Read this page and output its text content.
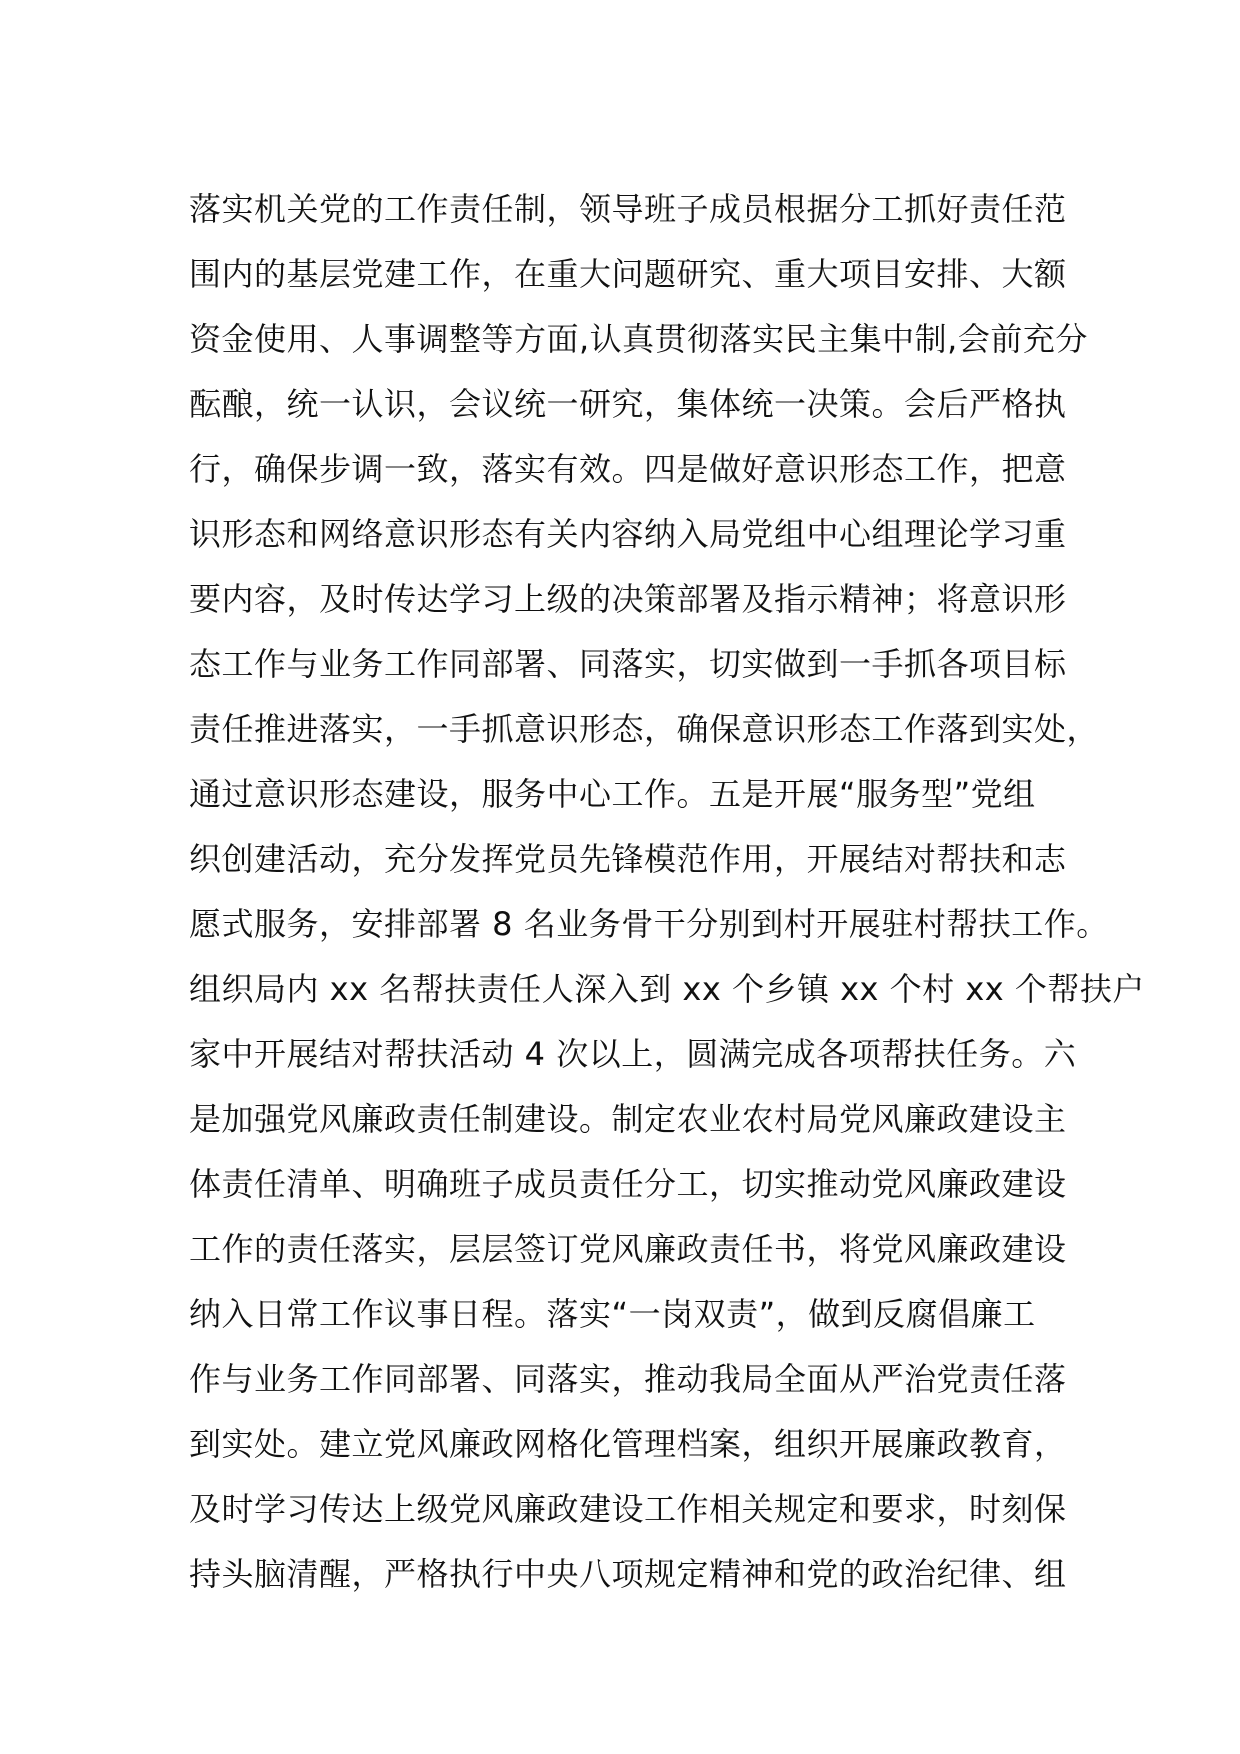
落实机关党的工作责任制，领导班子成员根据分工抓好责任范
围内的基层党建工作，在重大问题研究、重大项目安排、大额
资金使用、人事调整等方面,认真贯彻落实民主集中制,会前充分
酝酿，统一认识，会议统一研究，集体统一决策。会后严格执
行，确保步调一致，落实有效。四是做好意识形态工作，把意
识形态和网络意识形态有关内容纳入局党组中心组理论学习重
要内容，及时传达学习上级的决策部署及指示精神；将意识形
态工作与业务工作同部署、同落实，切实做到一手抓各项目标
责任推进落实，一手抓意识形态，确保意识形态工作落到实处，
通过意识形态建设，服务中心工作。五是开展“服务型”党组
织创建活动，充分发挥党员先锋模范作用，开展结对帮扶和志
愿式服务，安排部署 8 名业务骨干分别到村开展驻村帮扶工作。
组织局内 xx 名帮扶责任人深入到 xx 个乡镇 xx 个村 xx 个帮扶户
家中开展结对帮扶活动 4 次以上，圆满完成各项帮扶任务。六
是加强党风廉政责任制建设。制定农业农村局党风廉政建设主
体责任清单、明确班子成员责任分工，切实推动党风廉政建设
工作的责任落实，层层签订党风廉政责任书，将党风廉政建设
纳入日常工作议事日程。落实“一岗双责”，做到反腐倡廉工
作与业务工作同部署、同落实，推动我局全面从严治党责任落
到实处。建立党风廉政网格化管理档案，组织开展廉政教育，
及时学习传达上级党风廉政建设工作相关规定和要求，时刻保
持头脑清醒，严格执行中央八项规定精神和党的政治纪律、组
